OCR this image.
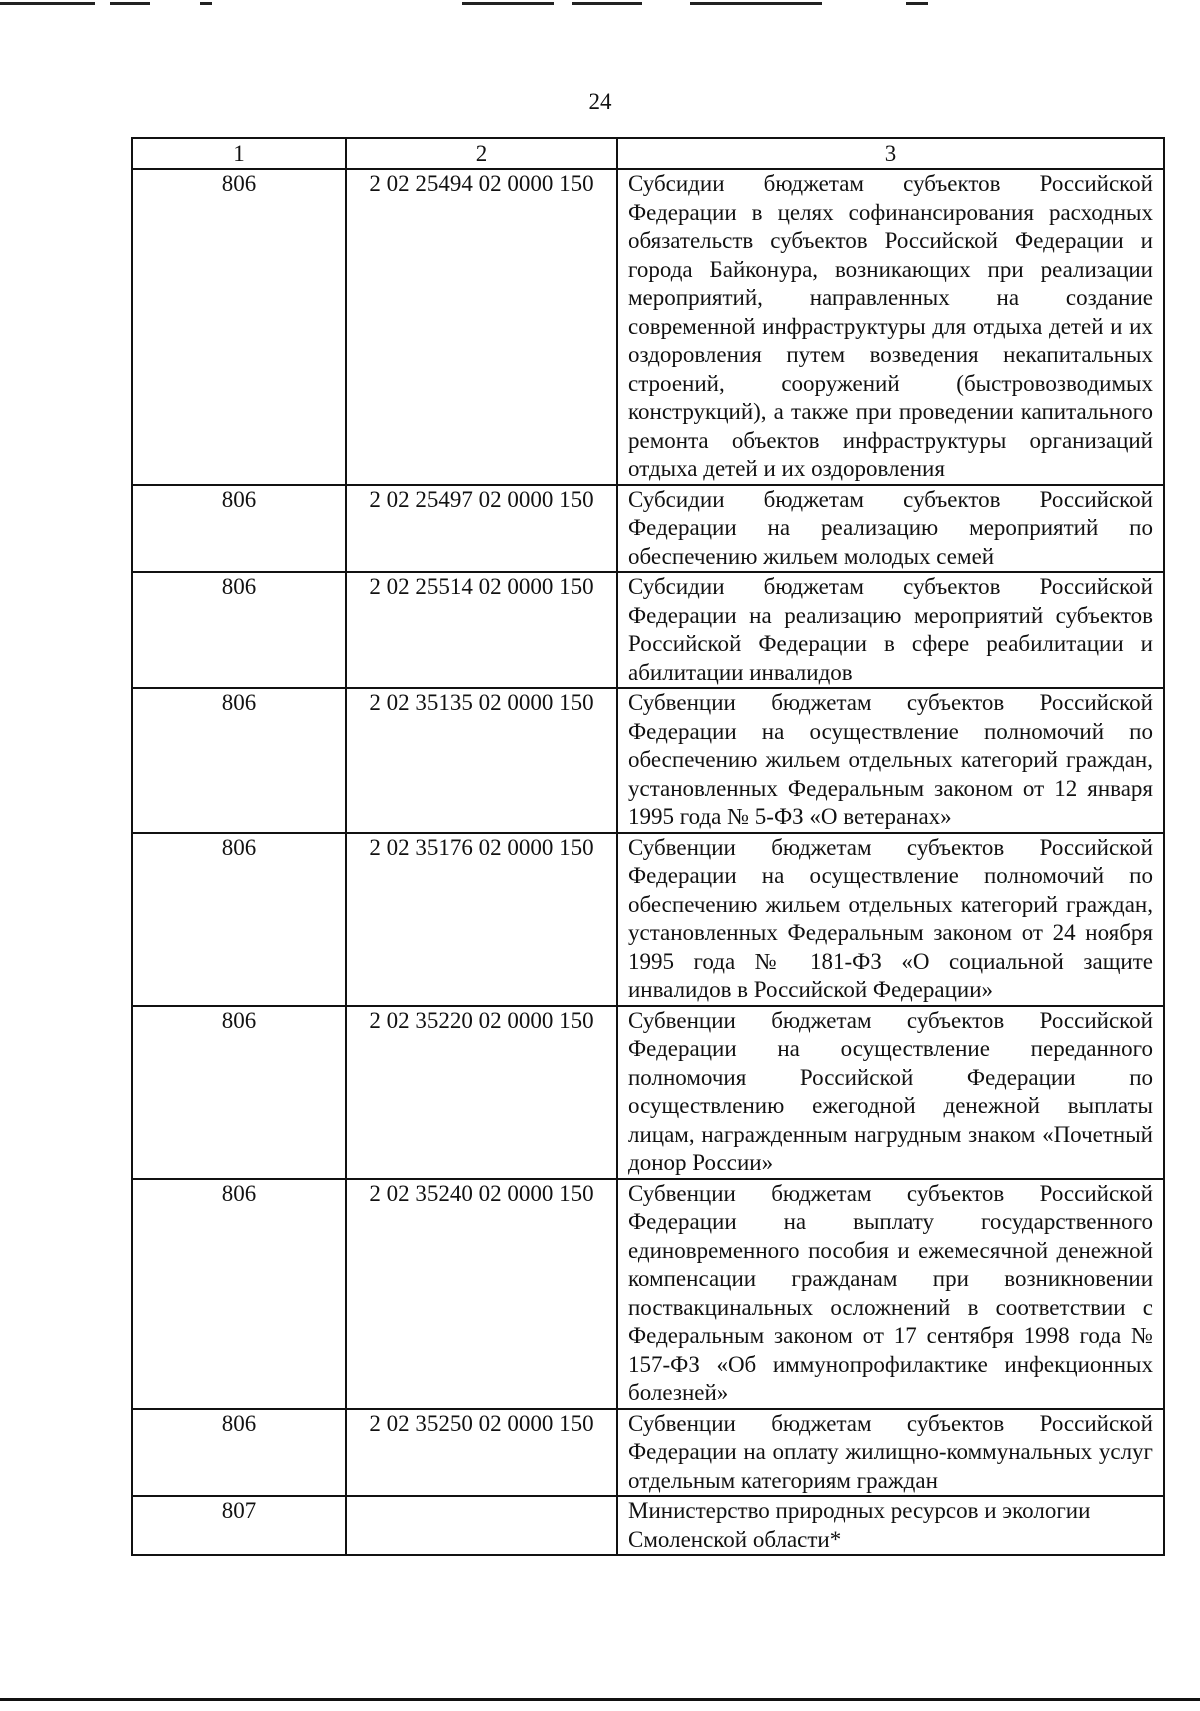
24
1	2	3
806	2 02 25494 02 0000 150	Субсидии бюджетам субъектов Российской Федерации в целях софинансирования расходных обязательств субъектов Российской Федерации и города Байконура, возникающих при реализации мероприятий, направленных на создание современной инфраструктуры для отдыха детей и их оздоровления путем возведения некапитальных строений, сооружений (быстровозводимых конструкций), а также при проведении капитального ремонта объектов инфраструктуры организаций отдыха детей и их оздоровления
806	2 02 25497 02 0000 150	Субсидии бюджетам субъектов Российской Федерации на реализацию мероприятий по обеспечению жильем молодых семей
806	2 02 25514 02 0000 150	Субсидии бюджетам субъектов Российской Федерации на реализацию мероприятий субъектов Российской Федерации в сфере реабилитации и абилитации инвалидов
806	2 02 35135 02 0000 150	Субвенции бюджетам субъектов Российской Федерации на осуществление полномочий по обеспечению жильем отдельных категорий граждан, установленных Федеральным законом от 12 января 1995 года № 5-ФЗ «О ветеранах»
806	2 02 35176 02 0000 150	Субвенции бюджетам субъектов Российской Федерации на осуществление полномочий по обеспечению жильем отдельных категорий граждан, установленных Федеральным законом от 24 ноября 1995 года № 181-ФЗ «О социальной защите инвалидов в Российской Федерации»
806	2 02 35220 02 0000 150	Субвенции бюджетам субъектов Российской Федерации на осуществление переданного полномочия Российской Федерации по осуществлению ежегодной денежной выплаты лицам, награжденным нагрудным знаком «Почетный донор России»
806	2 02 35240 02 0000 150	Субвенции бюджетам субъектов Российской Федерации на выплату государственного единовременного пособия и ежемесячной денежной компенсации гражданам при возникновении поствакцинальных осложнений в соответствии с Федеральным законом от 17 сентября 1998 года № 157-ФЗ «Об иммунопрофилактике инфекционных болезней»
806	2 02 35250 02 0000 150	Субвенции бюджетам субъектов Российской Федерации на оплату жилищно-коммунальных услуг отдельным категориям граждан
807		Министерство природных ресурсов и экологии Смоленской области*
